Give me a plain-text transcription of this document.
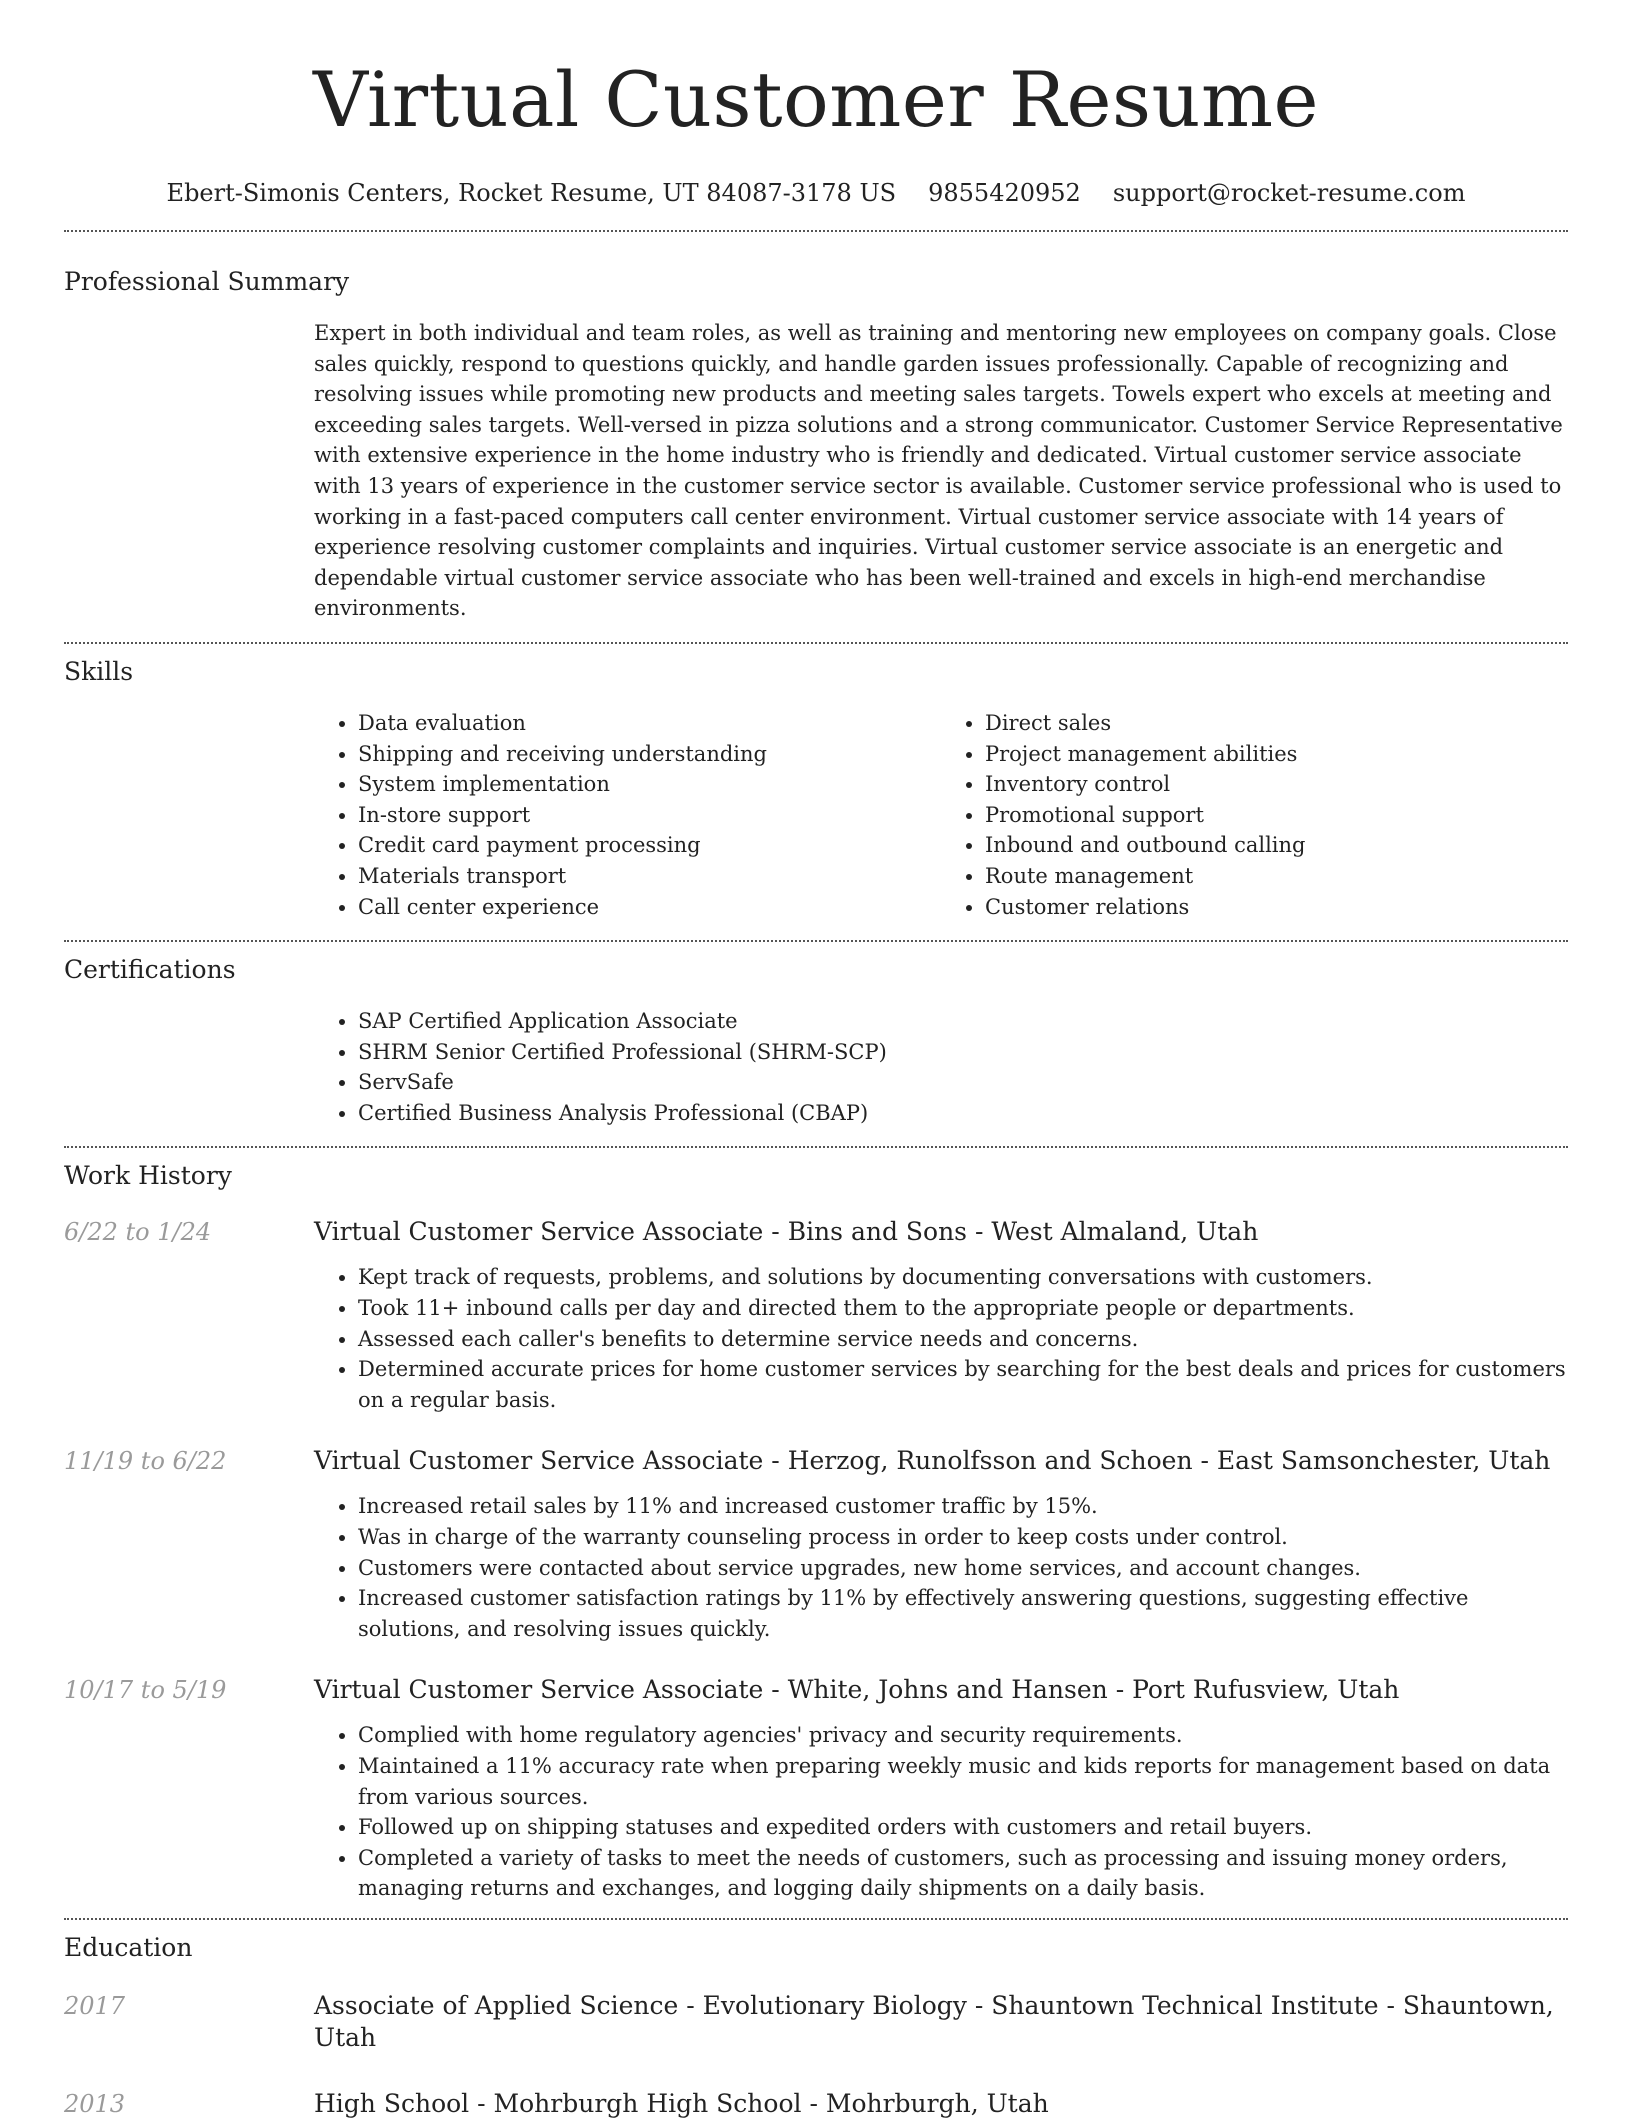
Virtual Customer Resume
Ebert-Simonis Centers, Rocket Resume, UT 84087-3178 US 9855420952 support@rocket-resume.com
Professional Summary

Expert in both individual and team roles, as well as training and mentoring new employees on company goals. Close sales quickly, respond to questions quickly, and handle garden issues professionally. Capable of recognizing and resolving issues while promoting new products and meeting sales targets. Towels expert who excels at meeting and exceeding sales targets. Well-versed in pizza solutions and a strong communicator. Customer Service Representative with extensive experience in the home industry who is friendly and dedicated. Virtual customer service associate with 13 years of experience in the customer service sector is available. Customer service professional who is used to working in a fast-paced computers call center environment. Virtual customer service associate with 14 years of experience resolving customer complaints and inquiries. Virtual customer service associate is an energetic and dependable virtual customer service associate who has been well-trained and excels in high-end merchandise environments.

Skills
• Data evaluation
• Shipping and receiving understanding
• System implementation
• In-store support
• Credit card payment processing
• Materials transport
• Call center experience
• Direct sales
• Project management abilities
• Inventory control
• Promotional support
• Inbound and outbound calling
• Route management
• Customer relations
Certifications
• SAP Certified Application Associate
• SHRM Senior Certified Professional (SHRM-SCP)
• ServSafe
• Certified Business Analysis Professional (CBAP)
Work History
6/22 to 1/24	Virtual Customer Service Associate - Bins and Sons - West Almaland, Utah
• Kept track of requests, problems, and solutions by documenting conversations with customers.
• Took 11+ inbound calls per day and directed them to the appropriate people or departments.
• Assessed each caller's benefits to determine service needs and concerns.
• Determined accurate prices for home customer services by searching for the best deals and prices for customers on a regular basis.
11/19 to 6/22	Virtual Customer Service Associate - Herzog, Runolfsson and Schoen - East Samsonchester, Utah
• Increased retail sales by 11% and increased customer traffic by 15%.
• Was in charge of the warranty counseling process in order to keep costs under control.
• Customers were contacted about service upgrades, new home services, and account changes.
• Increased customer satisfaction ratings by 11% by effectively answering questions, suggesting effective solutions, and resolving issues quickly.
10/17 to 5/19	Virtual Customer Service Associate - White, Johns and Hansen - Port Rufusview, Utah
• Complied with home regulatory agencies' privacy and security requirements.
• Maintained a 11% accuracy rate when preparing weekly music and kids reports for management based on data from various sources.
• Followed up on shipping statuses and expedited orders with customers and retail buyers.
• Completed a variety of tasks to meet the needs of customers, such as processing and issuing money orders, managing returns and exchanges, and logging daily shipments on a daily basis.
Education
2017	Associate of Applied Science - Evolutionary Biology - Shauntown Technical Institute - Shauntown, Utah
2013	High School - Mohrburgh High School - Mohrburgh, Utah
